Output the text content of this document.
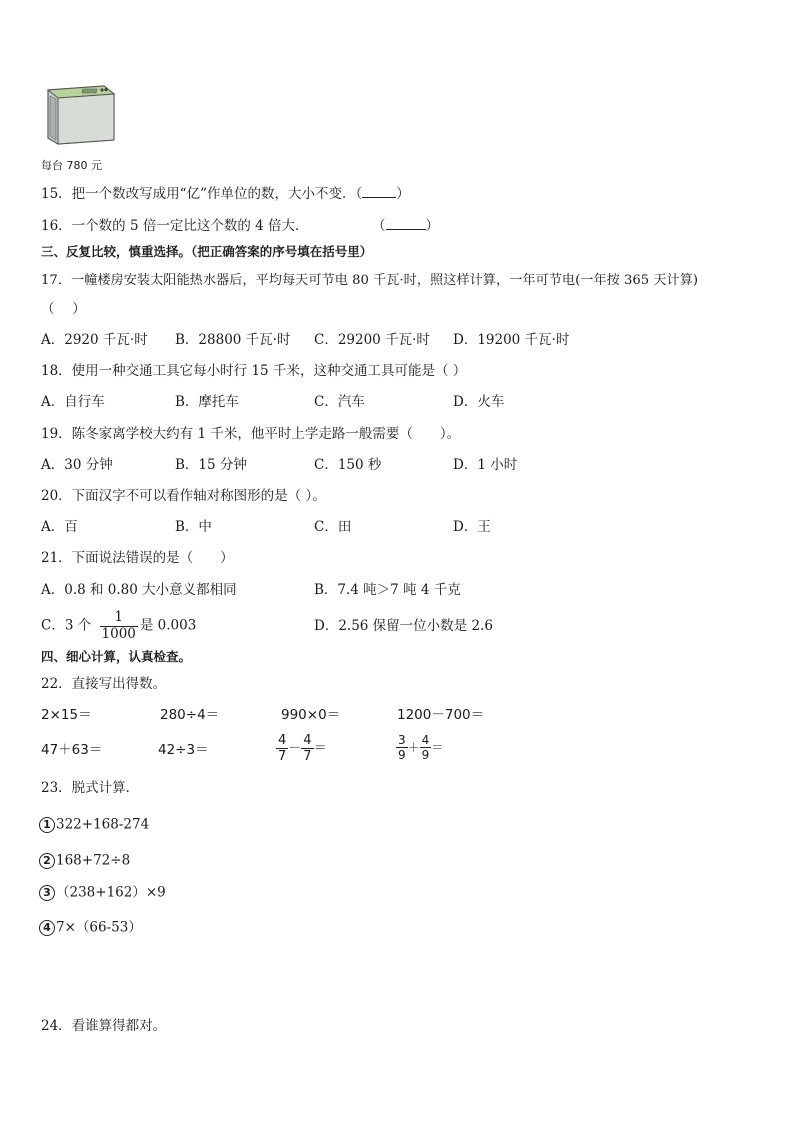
每台 780 元
15．把一个数改写成用“亿”作单位的数，大小不变．（	）
16．一个数的 5 倍一定比这个数的 4 倍大．	（	）
三、反复比较，慎重选择。（把正确答案的序号填在括号里）
17．一幢楼房安装太阳能热水器后，平均每天可节电 80 千瓦·时，照这样计算，一年可节电(一年按 365 天计算)
（　 ）
A．2920 千瓦·时 B．28800 千瓦·时 C．29200 千瓦·时 D．19200 千瓦·时
18．使用一种交通工具它每小时行 15 千米，这种交通工具可能是（ ）
A．自行车	B．摩托车	C．汽车	D．火车
19．陈冬家离学校大约有 1 千米，他平时上学走路一般需要（　　）。
A．30 分钟	B．15 分钟	C．150 秒	D．1 小时
20．下面汉字不可以看作轴对称图形的是（ ）。
A．百	B．中	C．田	D．王
21．下面说法错误的是（　　）
A．0.8 和 0.80 大小意义都相同	B．7.4 吨＞7 吨 4 千克
C．3 个 $\frac{1}{1000}$ 是 0.003	D．2.56 保留一位小数是 2.6
四、细心计算，认真检查。
22．直接写出得数。
2×15＝	280÷4＝	990×0＝	1200－700＝
47＋63＝	42÷3＝	$\frac{4}{7} - \frac{4}{7}$ ＝	$\frac{3}{9} + \frac{4}{9}$ ＝
23．脱式计算．
1 322+168-274
2 168+72÷8
3 （238+162）×9
4 7×（66-53）
24．看谁算得都对。
